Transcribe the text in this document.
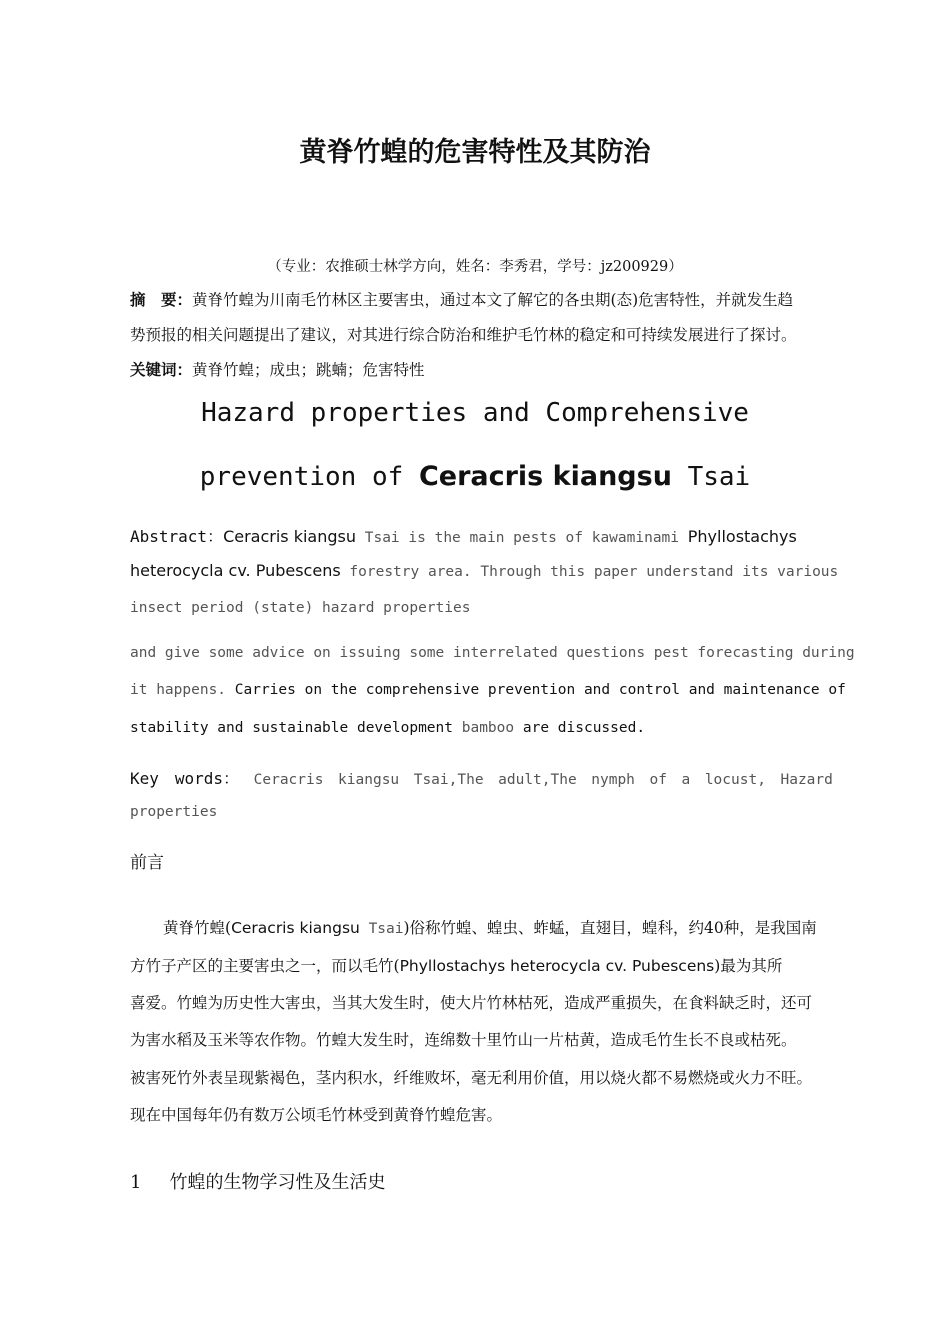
黄脊竹蝗的危害特性及其防治
（专业：农推硕士林学方向，姓名：李秀君，学号：jz200929）
摘　要：黄脊竹蝗为川南毛竹林区主要害虫，通过本文了解它的各虫期(态)危害特性，并就发生趋
势预报的相关问题提出了建议，对其进行综合防治和维护毛竹林的稳定和可持续发展进行了探讨。
关键词：黄脊竹蝗；成虫；跳蝻；危害特性
Hazard properties and Comprehensive
prevention of Ceracris kiangsu Tsai
Abstract：Ceracris kiangsu Tsai is the main pests of kawaminami Phyllostachys
heterocycla cv. Pubescens forestry area. Through this paper understand its various
insect period (state) hazard properties
and give some advice on issuing some interrelated questions pest forecasting during
it happens. Carries on the comprehensive prevention and control and maintenance of
stability and sustainable development bamboo are discussed.
Key　words： Ceracris kiangsu Tsai,The adult,The nymph of a locust, Hazard
properties
前言
黄脊竹蝗(Ceracris kiangsu Tsai)俗称竹蝗、蝗虫、蚱蜢，直翅目，蝗科，约40种，是我国南
方竹子产区的主要害虫之一，而以毛竹(Phyllostachys heterocycla cv. Pubescens)最为其所
喜爱。竹蝗为历史性大害虫，当其大发生时，使大片竹林枯死，造成严重损失，在食料缺乏时，还可
为害水稻及玉米等农作物。竹蝗大发生时，连绵数十里竹山一片枯黄，造成毛竹生长不良或枯死。
被害死竹外表呈现紫褐色，茎内积水，纤维败坏，毫无利用价值，用以烧火都不易燃烧或火力不旺。
现在中国每年仍有数万公顷毛竹林受到黄脊竹蝗危害。
1 竹蝗的生物学习性及生活史
